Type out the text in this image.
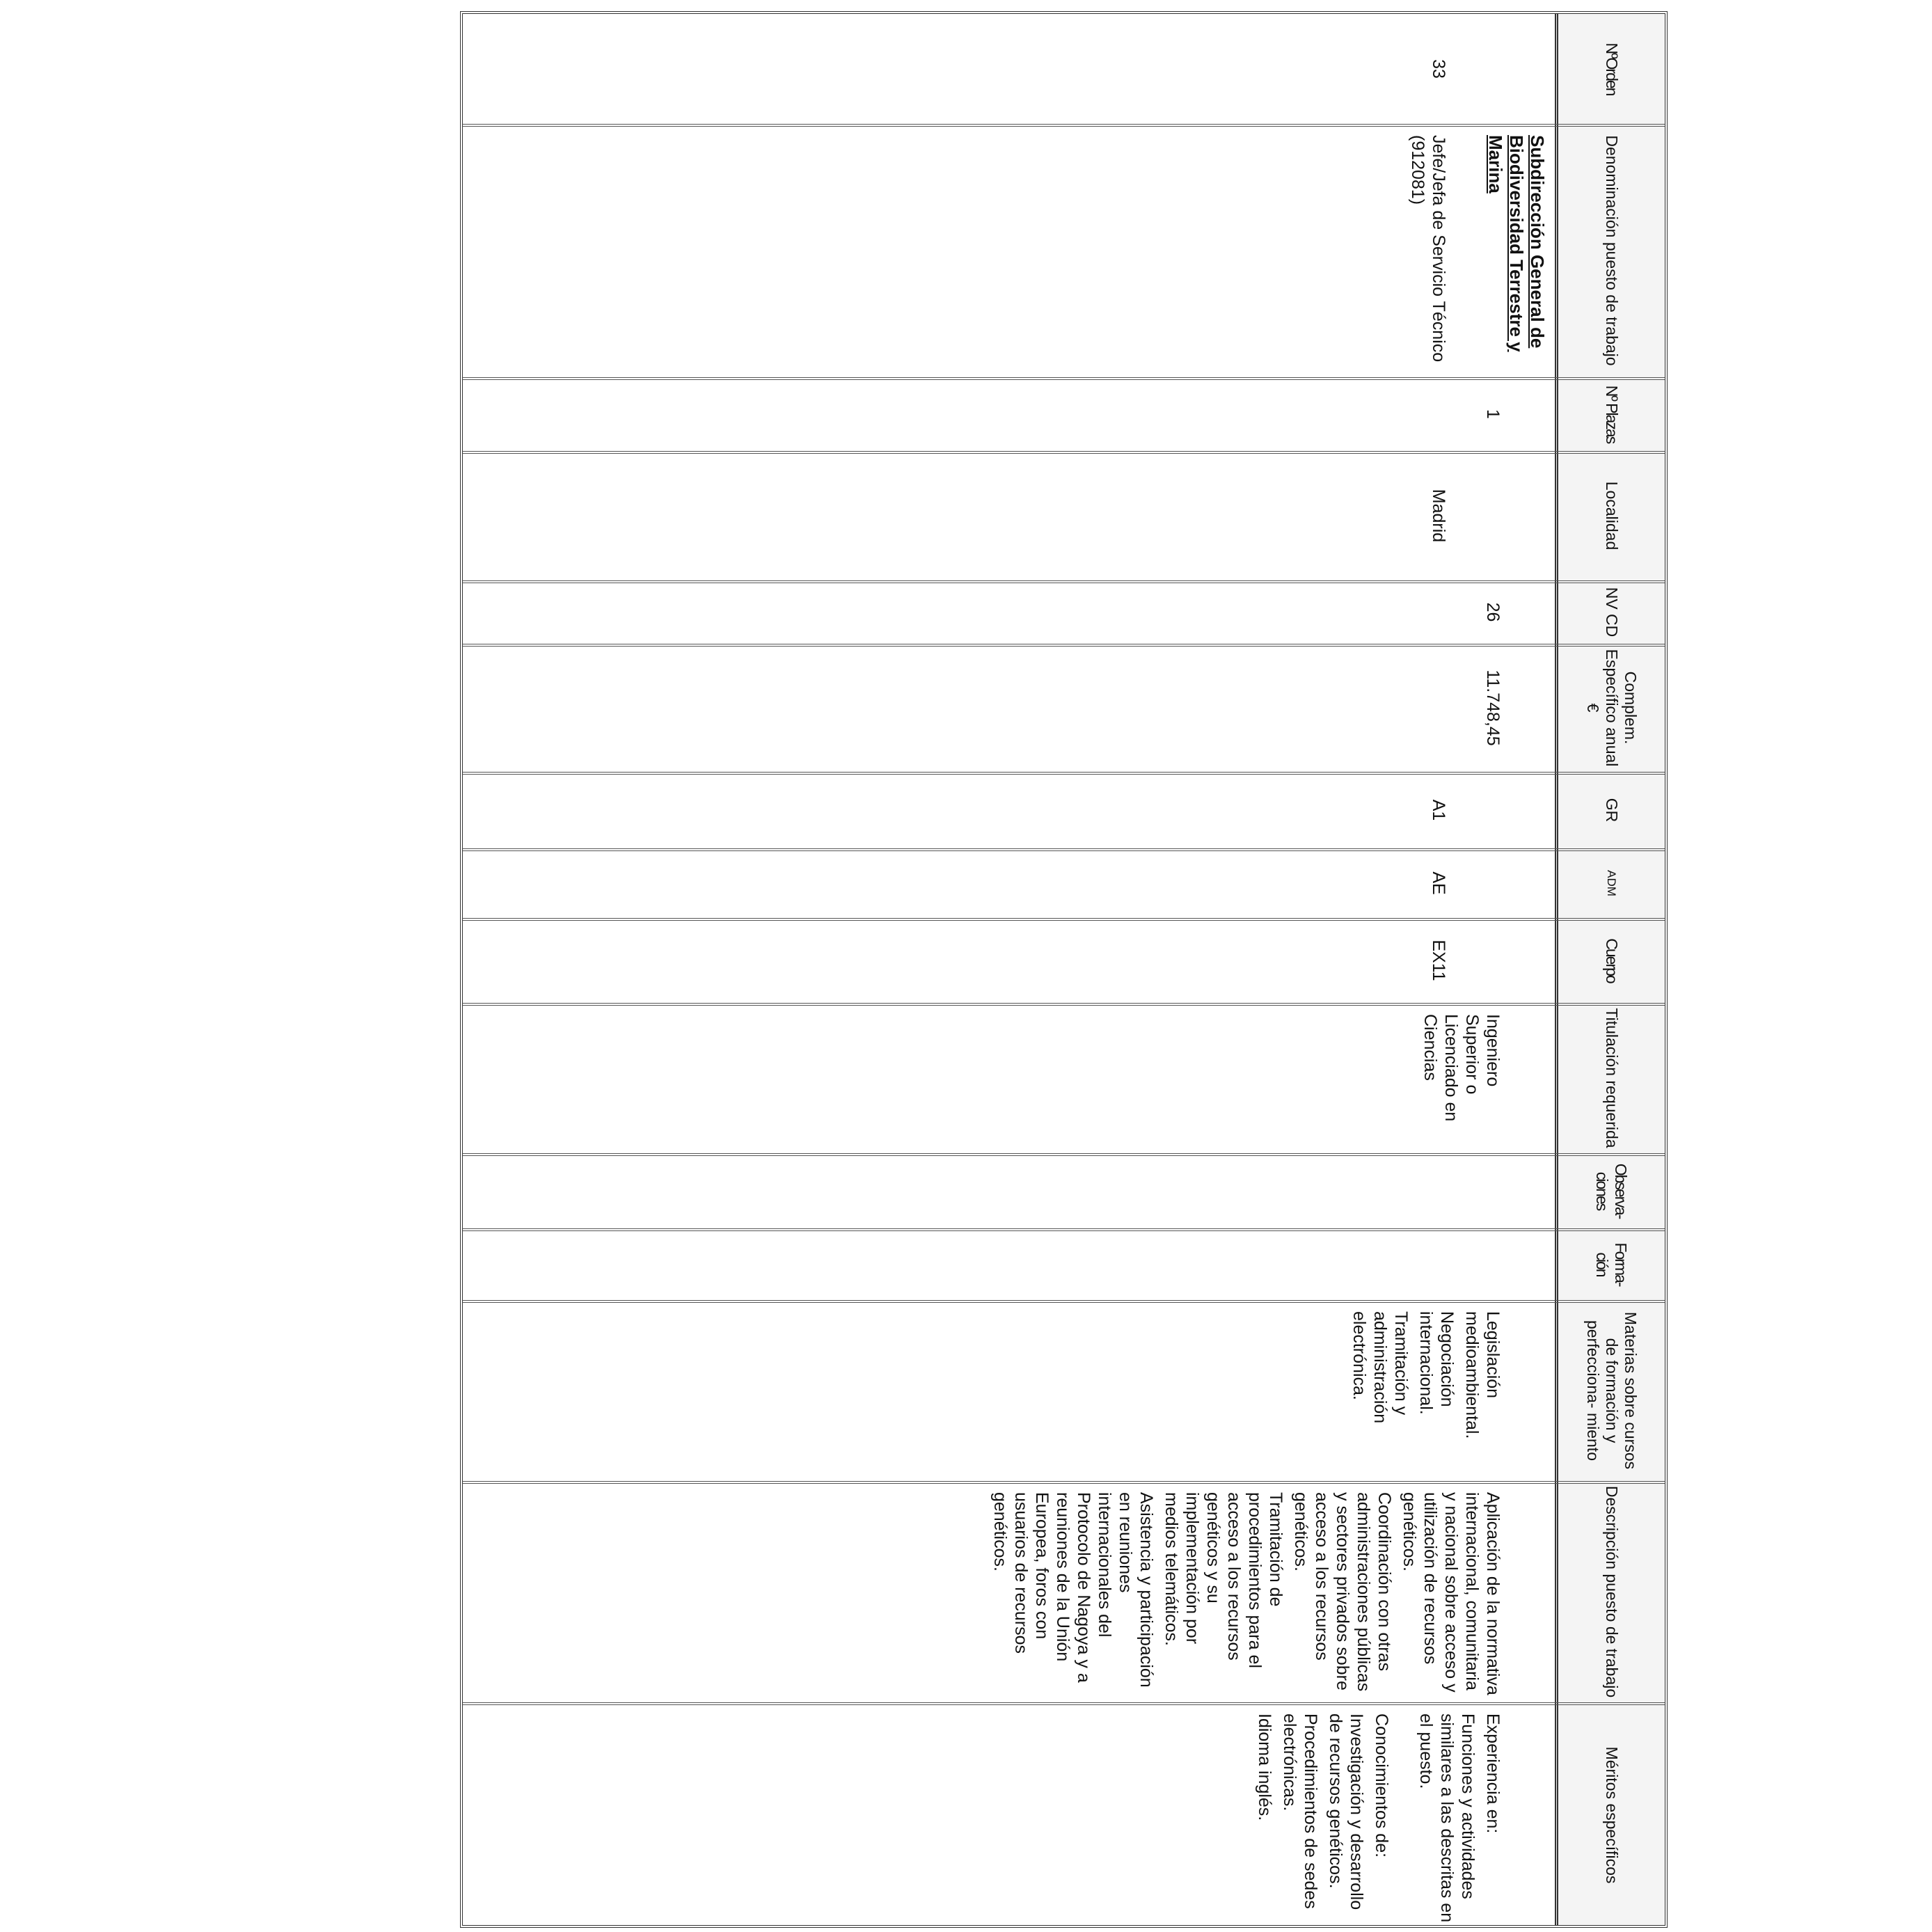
NºOrden
Denominación puesto de trabajo
Nº Plazas
Localidad
NV CD
Complem. Específico anual €
GR
ADM
Cuerpo
Titulación requerida
Observa- ciones
Forma- ción
Materias sobre cursos de formación y perfecciona- miento
Descripción puesto de trabajo
Méritos específicos
Subdirección General de Biodiversidad Terrestre y Marina
33
Jefe/Jefa de Servicio Técnico (912081)
1
Madrid
26
11.748,45
A1
AE
EX11
Ingeniero Superior o Licenciado en Ciencias

Legislación medioambiental.

Negociación internacional.

Tramitación y administración electrónica.

Aplicación de la normativa internacional, comunitaria y nacional sobre acceso y utilización de recursos genéticos.

Coordinación con otras administraciones públicas y sectores privados sobre acceso a los recursos genéticos.

Tramitación de procedimientos para el acceso a los recursos genéticos y su implementación por medios telemáticos.

Asistencia y participación en reuniones internacionales del Protocolo de Nagoya y a reuniones de la Unión Europea, foros con usuarios de recursos genéticos.

Experiencia en:

Funciones y actividades similares a las descritas en el puesto.

Conocimientos de:

Investigación y desarrollo de recursos genéticos.

Procedimientos de sedes electrónicas.

Idioma inglés.
